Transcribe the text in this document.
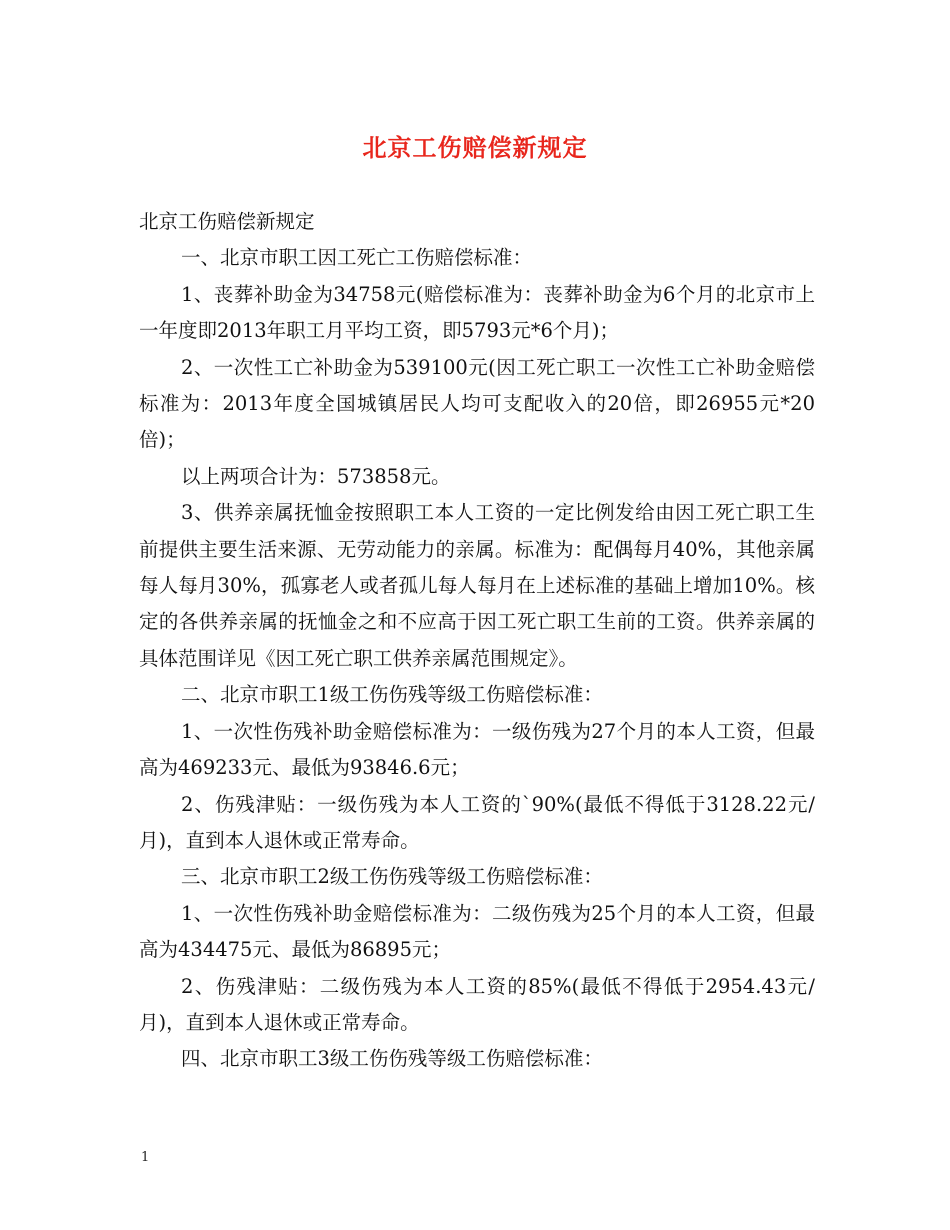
北京工伤赔偿新规定

北京工伤赔偿新规定

一、北京市职工因工死亡工伤赔偿标准：

1、丧葬补助金为34758元(赔偿标准为：丧葬补助金为6个月的北京市上一年度即2013年职工月平均工资，即5793元*6个月)；

2、一次性工亡补助金为539100元(因工死亡职工一次性工亡补助金赔偿标准为：2013年度全国城镇居民人均可支配收入的20倍，即26955元*20倍)；

以上两项合计为：573858元。

3、供养亲属抚恤金按照职工本人工资的一定比例发给由因工死亡职工生前提供主要生活来源、无劳动能力的亲属。标准为：配偶每月40%，其他亲属每人每月30%，孤寡老人或者孤儿每人每月在上述标准的基础上增加10%。核定的各供养亲属的抚恤金之和不应高于因工死亡职工生前的工资。供养亲属的具体范围详见《因工死亡职工供养亲属范围规定》。

二、北京市职工1级工伤伤残等级工伤赔偿标准：

1、一次性伤残补助金赔偿标准为：一级伤残为27个月的本人工资，但最高为469233元、最低为93846.6元；

2、伤残津贴：一级伤残为本人工资的`90%(最低不得低于3128.22元/月)，直到本人退休或正常寿命。

三、北京市职工2级工伤伤残等级工伤赔偿标准：

1、一次性伤残补助金赔偿标准为：二级伤残为25个月的本人工资，但最高为434475元、最低为86895元；

2、伤残津贴：二级伤残为本人工资的85%(最低不得低于2954.43元/月)，直到本人退休或正常寿命。

四、北京市职工3级工伤伤残等级工伤赔偿标准：

1
